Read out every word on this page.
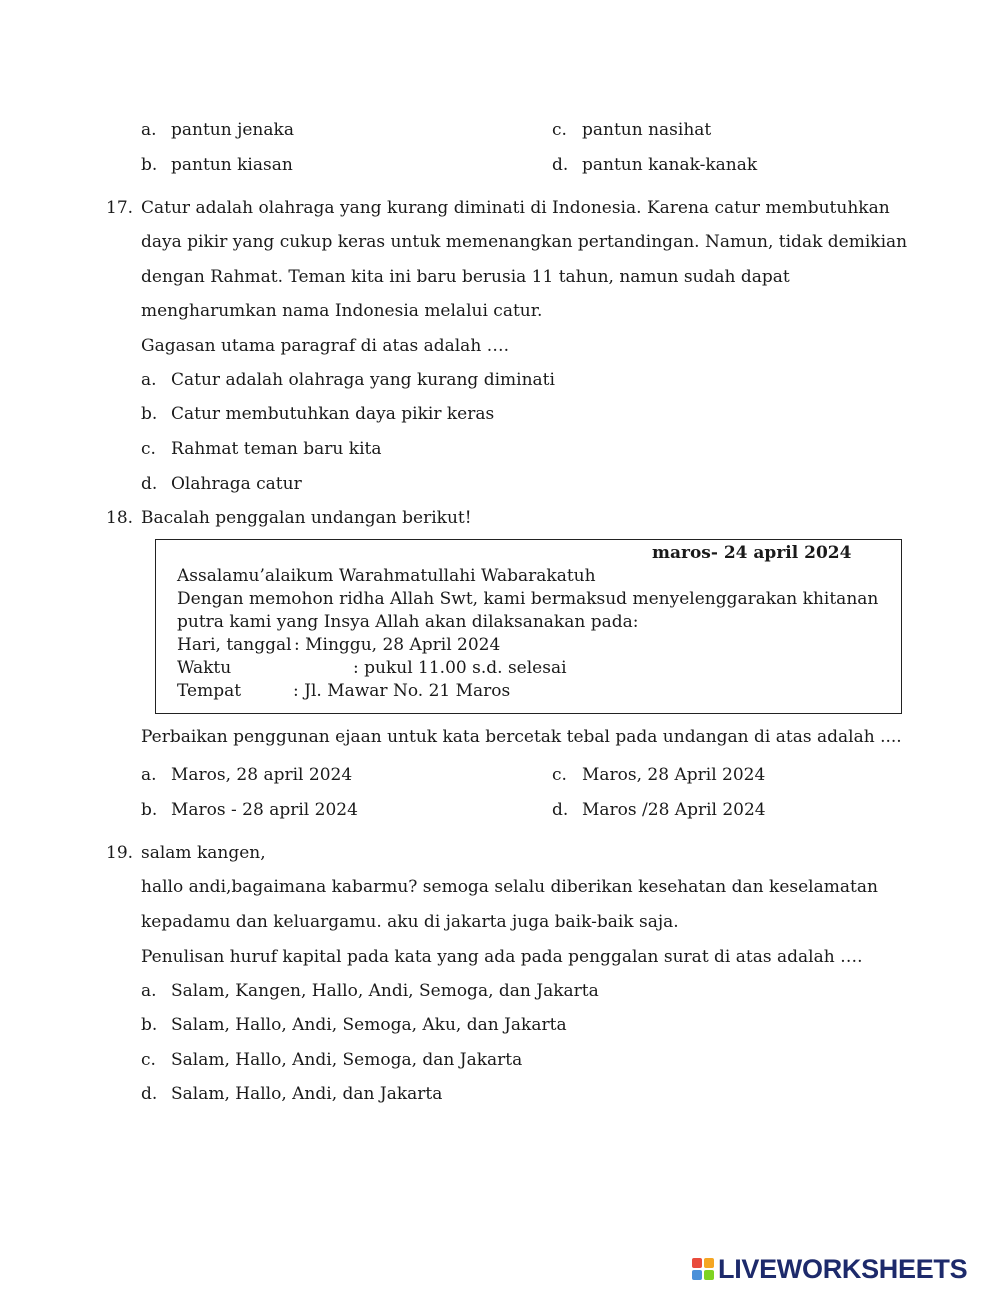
a. pantun jenaka
b. pantun kiasan
c. pantun nasihat
d. pantun kanak-kanak
17. Catur adalah olahraga yang kurang diminati di Indonesia. Karena catur membutuhkan
daya pikir yang cukup keras untuk memenangkan pertandingan. Namun, tidak demikian
dengan Rahmat. Teman kita ini baru berusia 11 tahun, namun sudah dapat
mengharumkan nama Indonesia melalui catur.
Gagasan utama paragraf di atas adalah ….
a. Catur adalah olahraga yang kurang diminati
b. Catur membutuhkan daya pikir keras
c. Rahmat teman baru kita
d. Olahraga catur
18. Bacalah penggalan undangan berikut!
maros- 24 april 2024
Assalamu’alaikum Warahmatullahi Wabarakatuh
Dengan memohon ridha Allah Swt, kami bermaksud menyelenggarakan khitanan
putra kami yang Insya Allah akan dilaksanakan pada:
Hari, tanggal : Minggu, 28 April 2024
Waktu	: pukul 11.00 s.d. selesai
Tempat	: Jl. Mawar No. 21 Maros
Perbaikan penggunan ejaan untuk kata bercetak tebal pada undangan di atas adalah ....
a. Maros, 28 april 2024
b. Maros - 28 april 2024
c. Maros, 28 April 2024
d. Maros /28 April 2024
19. salam kangen,
hallo andi,bagaimana kabarmu? semoga selalu diberikan kesehatan dan keselamatan
kepadamu dan keluargamu. aku di jakarta juga baik-baik saja.
Penulisan huruf kapital pada kata yang ada pada penggalan surat di atas adalah ….
a. Salam, Kangen, Hallo, Andi, Semoga, dan Jakarta
b. Salam, Hallo, Andi, Semoga, Aku, dan Jakarta
c. Salam, Hallo, Andi, Semoga, dan Jakarta
d. Salam, Hallo, Andi, dan Jakarta
LIVEWORKSHEETS
